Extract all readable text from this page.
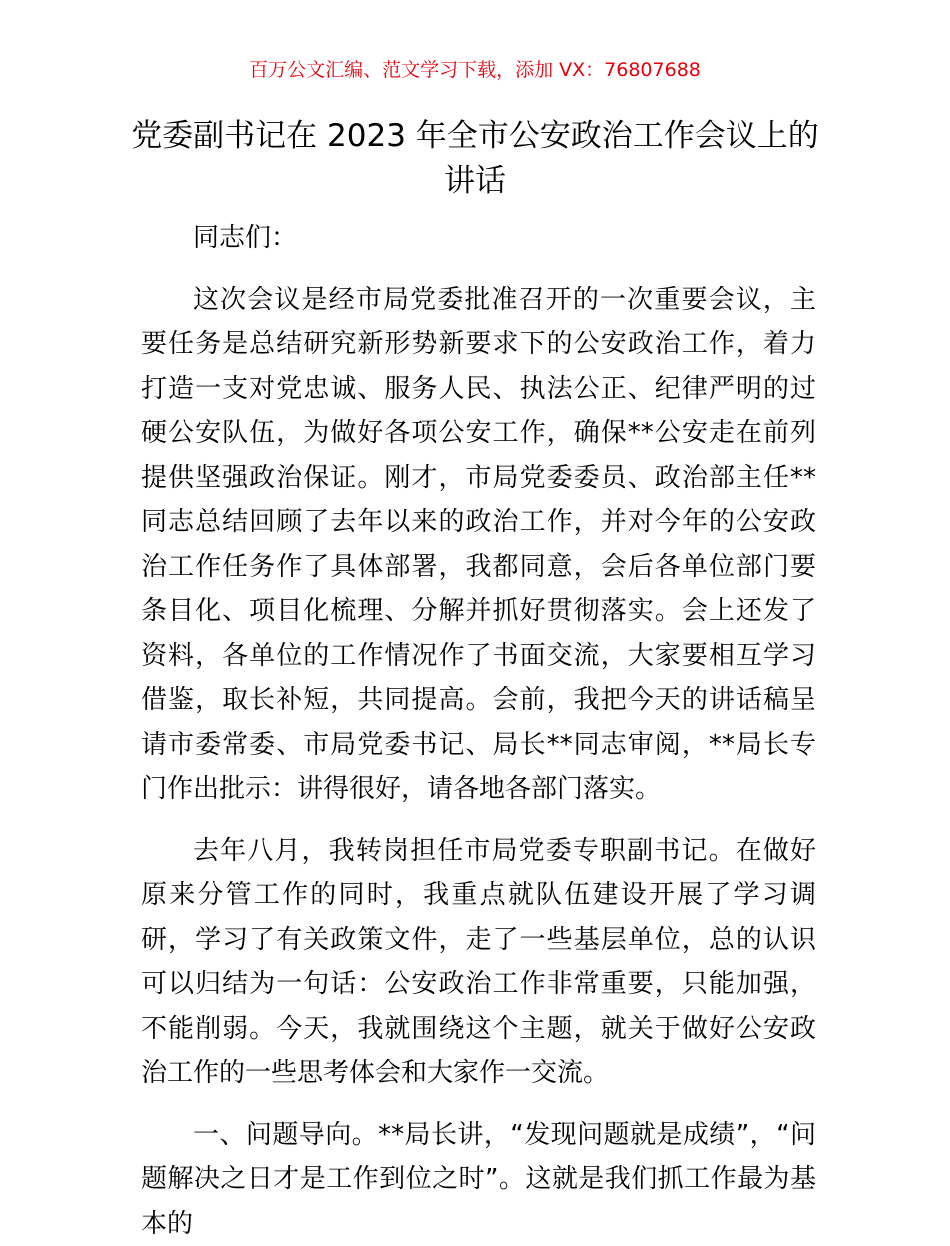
百万公文汇编、范文学习下载，添加 VX：76807688
党委副书记在 2023 年全市公安政治工作会议上的讲话

同志们：

这次会议是经市局党委批准召开的一次重要会议，主要任务是总结研究新形势新要求下的公安政治工作，着力打造一支对党忠诚、服务人民、执法公正、纪律严明的过硬公安队伍，为做好各项公安工作，确保**公安走在前列提供坚强政治保证。刚才，市局党委委员、政治部主任**同志总结回顾了去年以来的政治工作，并对今年的公安政治工作任务作了具体部署，我都同意，会后各单位部门要条目化、项目化梳理、分解并抓好贯彻落实。会上还发了资料，各单位的工作情况作了书面交流，大家要相互学习借鉴，取长补短，共同提高。会前，我把今天的讲话稿呈请市委常委、市局党委书记、局长**同志审阅，**局长专门作出批示：讲得很好，请各地各部门落实。

去年八月，我转岗担任市局党委专职副书记。在做好原来分管工作的同时，我重点就队伍建设开展了学习调研，学习了有关政策文件，走了一些基层单位，总的认识可以归结为一句话：公安政治工作非常重要，只能加强，不能削弱。今天，我就围绕这个主题，就关于做好公安政治工作的一些思考体会和大家作一交流。

一、问题导向。**局长讲，“发现问题就是成绩”，“问题解决之日才是工作到位之时”。这就是我们抓工作最为基本的
